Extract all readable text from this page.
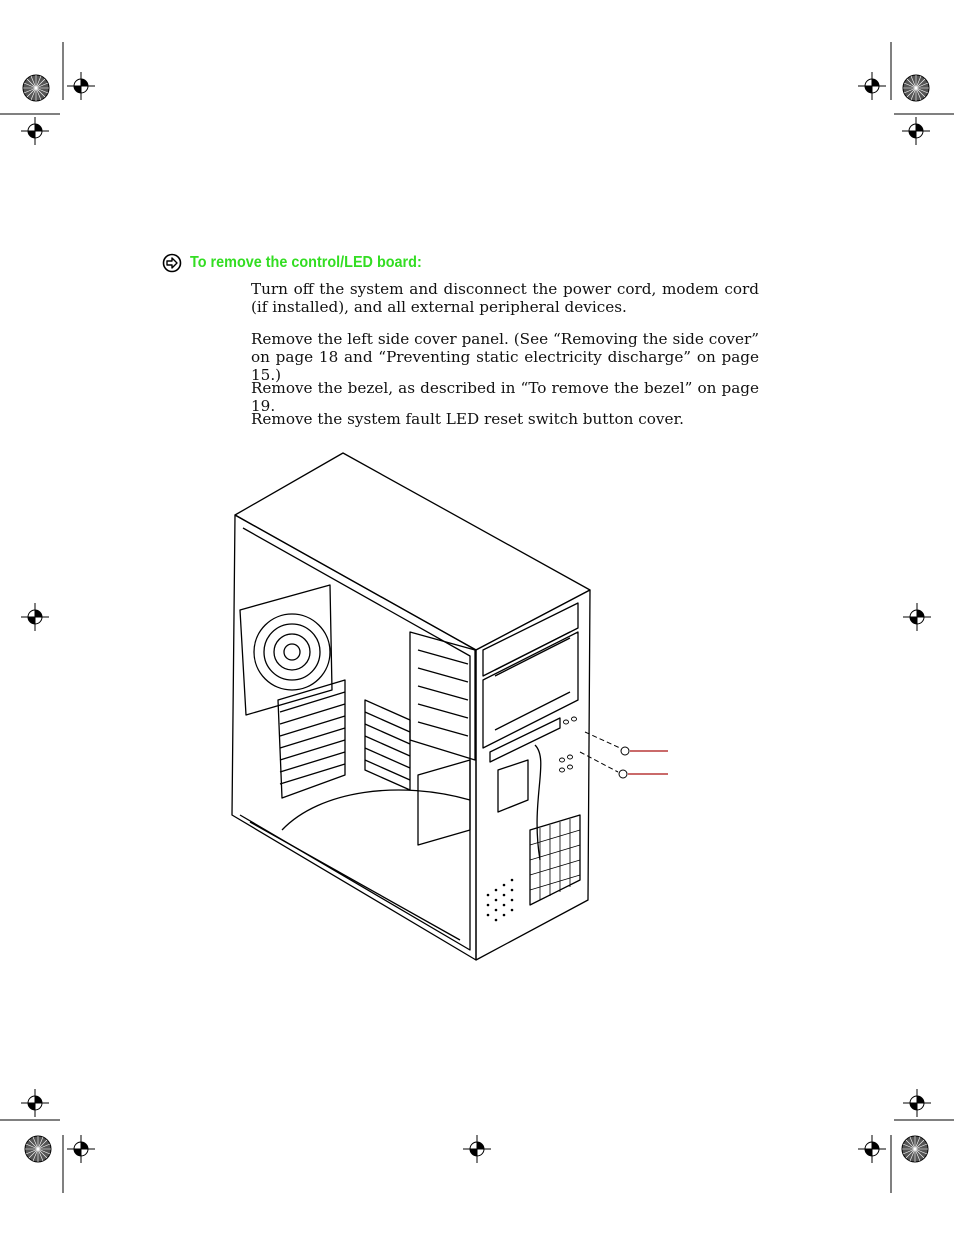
To remove the control/LED board:

Turn off the system and disconnect the power cord, modem cord (if installed), and all external peripheral devices.

Remove the left side cover panel. (See “Removing the side cover” on page 18 and “Preventing static electricity discharge” on page 15.)

Remove the bezel, as described in “To remove the bezel” on page 19.

Remove the system fault LED reset switch button cover.
